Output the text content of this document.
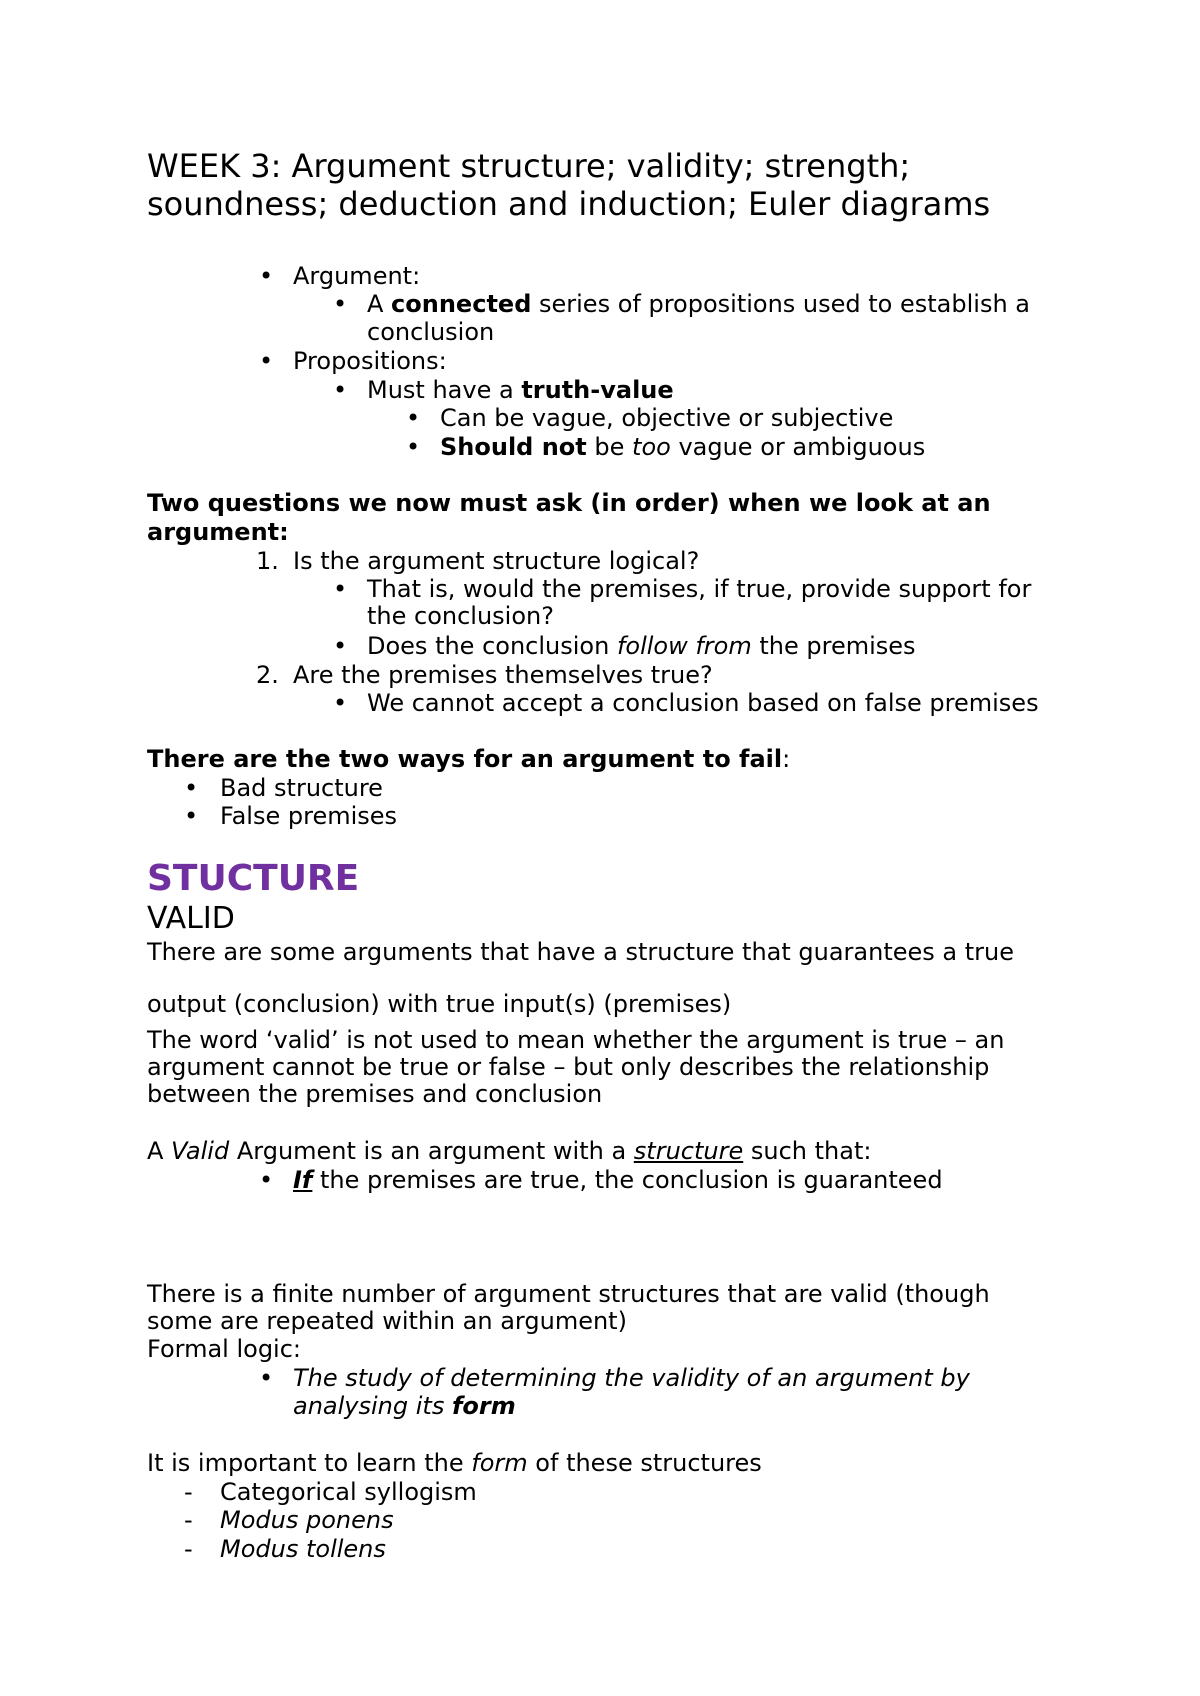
WEEK 3: Argument structure; validity; strength;
soundness; deduction and induction; Euler diagrams
• Argument:
• A connected series of propositions used to establish a
conclusion
• Propositions:
• Must have a truth-value
• Can be vague, objective or subjective
• Should not be too vague or ambiguous
Two questions we now must ask (in order) when we look at an
argument:
1. Is the argument structure logical?
• That is, would the premises, if true, provide support for
the conclusion?
• Does the conclusion follow from the premises
2. Are the premises themselves true?
• We cannot accept a conclusion based on false premises
There are the two ways for an argument to fail:
• Bad structure
• False premises
STUCTURE
VALID
There are some arguments that have a structure that guarantees a true
output (conclusion) with true input(s) (premises)
The word ‘valid’ is not used to mean whether the argument is true – an
argument cannot be true or false – but only describes the relationship
between the premises and conclusion
A Valid Argument is an argument with a structure such that:
• If the premises are true, the conclusion is guaranteed
There is a finite number of argument structures that are valid (though
some are repeated within an argument)
Formal logic:
• The study of determining the validity of an argument by
analysing its form
It is important to learn the form of these structures
- Categorical syllogism
- Modus ponens
- Modus tollens
